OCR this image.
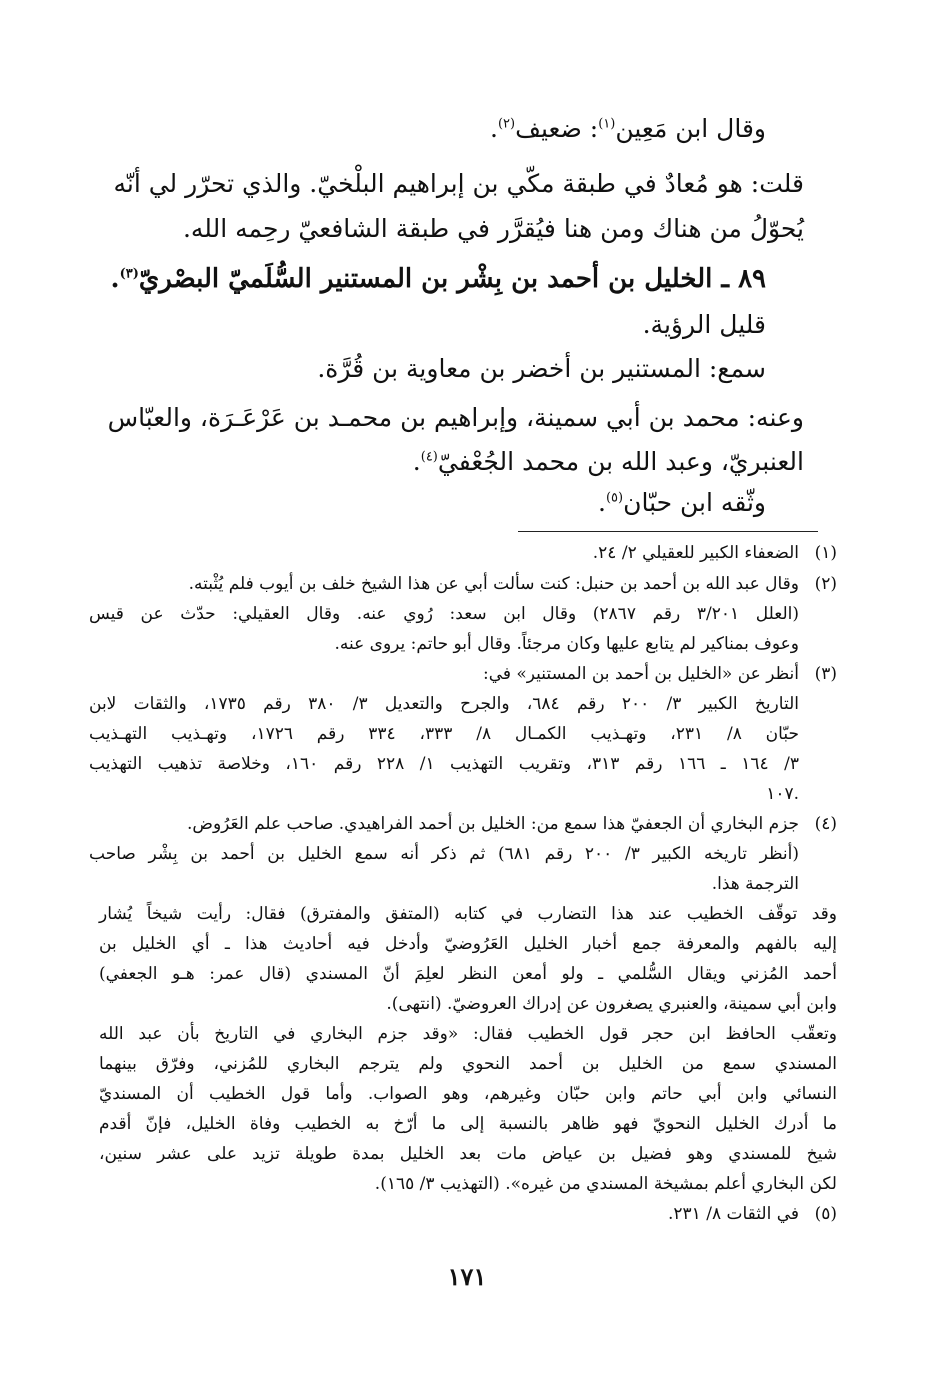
وقال ابن مَعِين$^{(١)}$: ضعيف$^{(٢)}$.
قلت: هو مُعادٌ في طبقة مكّي بن إبراهيم البلْخيّ. والذي تحرّر لي أنّه
يُحوّلُ من هناك ومن هنا فيُقرَّر في طبقة الشافعيّ رحِمه الله.
٨٩ ـ الخليل بن أحمد بن بِشْر بن المستنير السُّلَميّ البصْريّ$^{(٣)}$.
قليل الرؤية.
سمع: المستنير بن أخضر بن معاوية بن قُرَّة.
وعنه: محمد بن أبي سمينة، وإبراهيم بن محمـد بن عَرْعَـرَة، والعبّاس
العنبريّ، وعبد الله بن محمد الجُعْفيّ$^{(٤)}$.
وثّقه ابن حبّان$^{(٥)}$.
(١)
الضعفاء الكبير للعقيلي ٢/ ٢٤.
(٢)
وقال عبد الله بن أحمد بن حنبل: كنت سألت أبي عن هذا الشيخ خلف بن أيوب فلم يُثْبته.
(العلل ٣/٢٠١ رقم ٢٨٦٧) وقال ابن سعد: رُوي عنه. وقال العقيلي: حدّث عن قيس
وعوف بمناكير لم يتابع عليها وكان مرجئاً. وقال أبو حاتم: يروى عنه.
(٣)
أنظر عن «الخليل بن أحمد بن المستنير» في:
التاريخ الكبير ٣/ ٢٠٠ رقم ٦٨٤، والجرح والتعديل ٣/ ٣٨٠ رقم ١٧٣٥، والثقات لابن
حبّان ٨/ ٢٣١، وتهـذيب الكمـال ٨/ ٣٣٣، ٣٣٤ رقم ١٧٢٦، وتهـذيب التهـذيب
٣/ ١٦٤ ـ ١٦٦ رقم ٣١٣، وتقريب التهذيب ١/ ٢٢٨ رقم ١٦٠، وخلاصة تذهيب التهذيب
١٠٧.
(٤)
جزم البخاري أن الجعفيّ هذا سمع من: الخليل بن أحمد الفراهيدي. صاحب علم العَرُوض.
(أنظر تاريخه الكبير ٣/ ٢٠٠ رقم ٦٨١) ثم ذكر أنه سمع الخليل بن أحمد بن بِشْر صاحب
الترجمة هذا.
وقد توقّف الخطيب عند هذا التضارب في كتابه (المتفق والمفترق) فقال: رأيت شيخاً يُشار
إليه بالفهم والمعرفة جمع أخبار الخليل العَرُوضيّ وأدخل فيه أحاديث هذا ـ أي الخليل بن
أحمد المُزني ويقال السُّلمي ـ ولو أمعن النظر لعلِمَ أنّ المسندي (قال عمر: هـو الجعفي)
وابن أبي سمينة، والعنبري يصغرون عن إدراك العروضيّ. (انتهى).
وتعقّب الحافظ ابن حجر قول الخطيب فقال: «وقد جزم البخاري في التاريخ بأن عبد الله
المسندي سمع من الخليل بن أحمد النحوي ولم يترجم البخاري للمُزني، وفرّق بينهما
النسائي وابن أبي حاتم وابن حبّان وغيرهم، وهو الصواب. وأما قول الخطيب أن المسنديّ
ما أدرك الخليل النحويّ فهو ظاهر بالنسبة إلى ما أرّخ به الخطيب وفاة الخليل، فإنّ أقدم
شيخ للمسندي وهو فضيل بن عياض مات بعد الخليل بمدة طويلة تزيد على عشر سنين،
لكن البخاري أعلم بمشيخة المسندي من غيره». (التهذيب ٣/ ١٦٥).
(٥)
في الثقات ٨/ ٢٣١.
١٧١
